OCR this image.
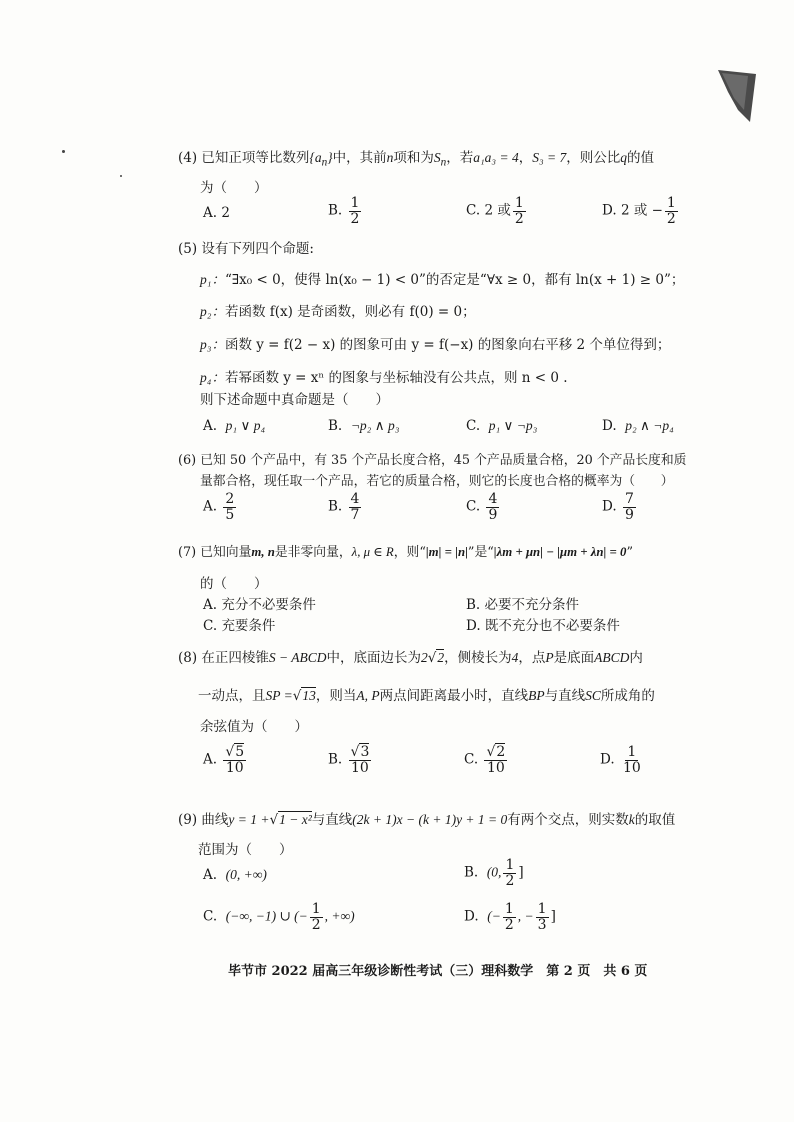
(4) 已知正项等比数列$\{a_n\}$中，其前n项和为$S_n$，若a₁a₃ = 4，S₃ = 7，则公比q的值
为（　　）
A. 2	B. $\frac{1}{2}$	C. 2 或 $\frac{1}{2}$	D. 2 或 − $\frac{1}{2}$
(5) 设有下列四个命题:
p₁：“∃x₀ < 0，使得 ln(x₀ − 1) < 0”的否定是“∀x ≥ 0，都有 ln(x + 1) ≥ 0”；
p₂：若函数 f(x) 是奇函数，则必有 f(0) = 0；
p₃：函数 y = f(2 − x) 的图象可由 y = f(−x) 的图象向右平移 2 个单位得到；
p₄：若幂函数 y = xⁿ 的图象与坐标轴没有公共点，则 n < 0 .
则下述命题中真命题是（　　）
A. p₁ ∨ p₄	B. ¬p₂ ∧ p₃	C. p₁ ∨ ¬p₃	D. p₂ ∧ ¬p₄
(6) 已知 50 个产品中，有 35 个产品长度合格，45 个产品质量合格，20 个产品长度和质
量都合格，现任取一个产品，若它的质量合格，则它的长度也合格的概率为（　　）
A. $\frac{2}{5}$	B. $\frac{4}{7}$	C. $\frac{4}{9}$	D. $\frac{7}{9}$
(7) 已知向量m, n是非零向量，λ, μ ∈ R，则“|m| = |n|”是“|λm + μn| − |μm + λn| = 0”
的（　　）
A. 充分不必要条件	B. 必要不充分条件
C. 充要条件	D. 既不充分也不必要条件
(8) 在正四棱锥S − ABCD中，底面边长为2√2，侧棱长为4，点P是底面ABCD内
一动点，且SP =√13，则当A, P两点间距离最小时，直线BP与直线SC所成角的
余弦值为（　　）
A. $\frac{√5}{10}$	B. $\frac{√3}{10}$	C. $\frac{√2}{10}$	D. $\frac{1}{10}$
(9) 曲线y = 1 +√1 − x²与直线(2k + 1)x − (k + 1)y + 1 = 0有两个交点，则实数k的取值
范围为（　　）
A. (0, +∞)	B. (0, $\frac{1}{2}$ ]
C. (−∞, −1) ∪ (− $\frac{1}{2}$ , +∞)	D. (− $\frac{1}{2}$ , − $\frac{1}{3}$ ]
毕节市 2022 届高三年级诊断性考试（三）理科数学　第 2 页　共 6 页
